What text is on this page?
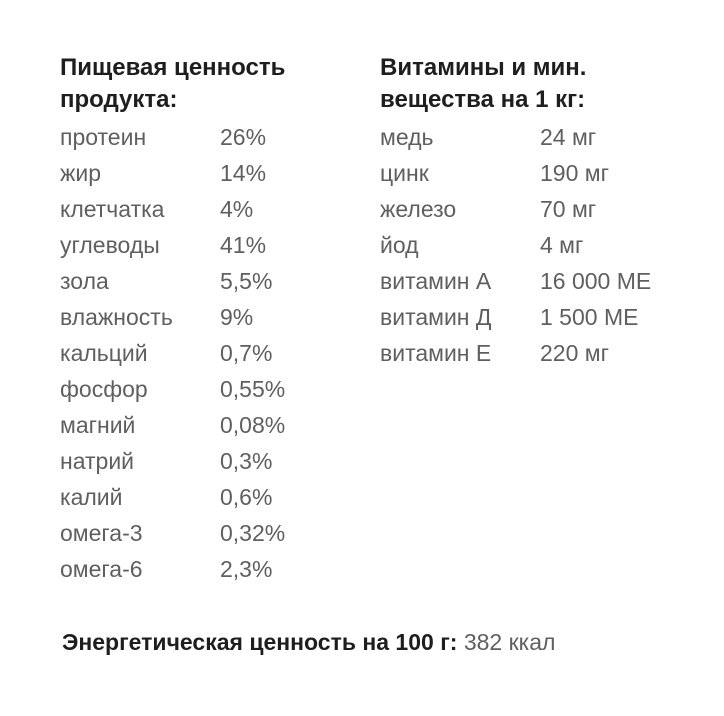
Пищевая ценность
продукта:
протеин	26%
жир	14%
клетчатка	4%
углеводы	41%
зола	5,5%
влажность	9%
кальций	0,7%
фосфор	0,55%
магний	0,08%
натрий	0,3%
калий	0,6%
омега-3	0,32%
омега-6	2,3%
Витамины и мин.
вещества на 1 кг:
медь	24 мг
цинк	190 мг
железо	70 мг
йод	4 мг
витамин А	16 000 МЕ
витамин Д	1 500 МЕ
витамин Е	220 мг
Энергетическая ценность на 100 г: 382 ккал
